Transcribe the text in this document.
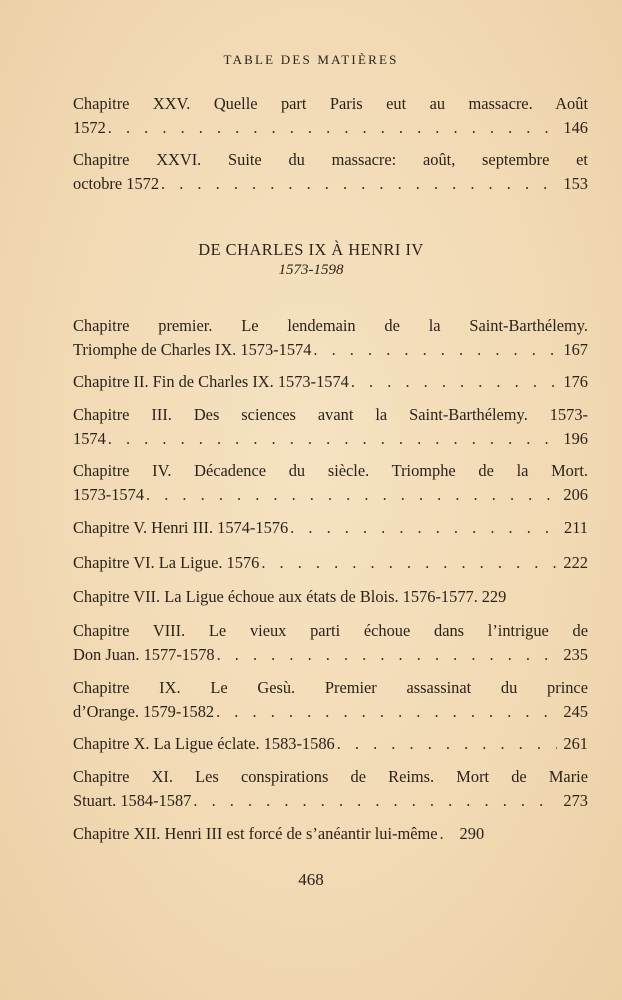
TABLE DES MATIÈRES
Chapitre XXV. Quelle part Paris eut au massacre. Août
1572 . . .	146
Chapitre XXVI. Suite du massacre: août, septembre et
octobre 1572 . . .	153
DE CHARLES IX À HENRI IV
1573-1598
Chapitre premier. Le lendemain de la Saint-Barthélemy.
Triomphe de Charles IX. 1573-1574 . . .	167
Chapitre II. Fin de Charles IX. 1573-1574 . . .	176
Chapitre III. Des sciences avant la Saint-Barthélemy. 1573-
1574 . . .	196
Chapitre IV. Décadence du siècle. Triomphe de la Mort.
1573-1574 . . .	206
Chapitre V. Henri III. 1574-1576 . . .	211
Chapitre VI. La Ligue. 1576 . . .	222
Chapitre VII. La Ligue échoue aux états de Blois. 1576-1577 . . . 229
Chapitre VIII. Le vieux parti échoue dans l’intrigue de
Don Juan. 1577-1578 . . .	235
Chapitre IX. Le Gesù. Premier assassinat du prince
d’Orange. 1579-1582 . . .	245
Chapitre X. La Ligue éclate. 1583-1586 . . .	261
Chapitre XI. Les conspirations de Reims. Mort de Marie
Stuart. 1584-1587 . . .	273
Chapitre XII. Henri III est forcé de s’anéantir lui-même . . . 290
468
